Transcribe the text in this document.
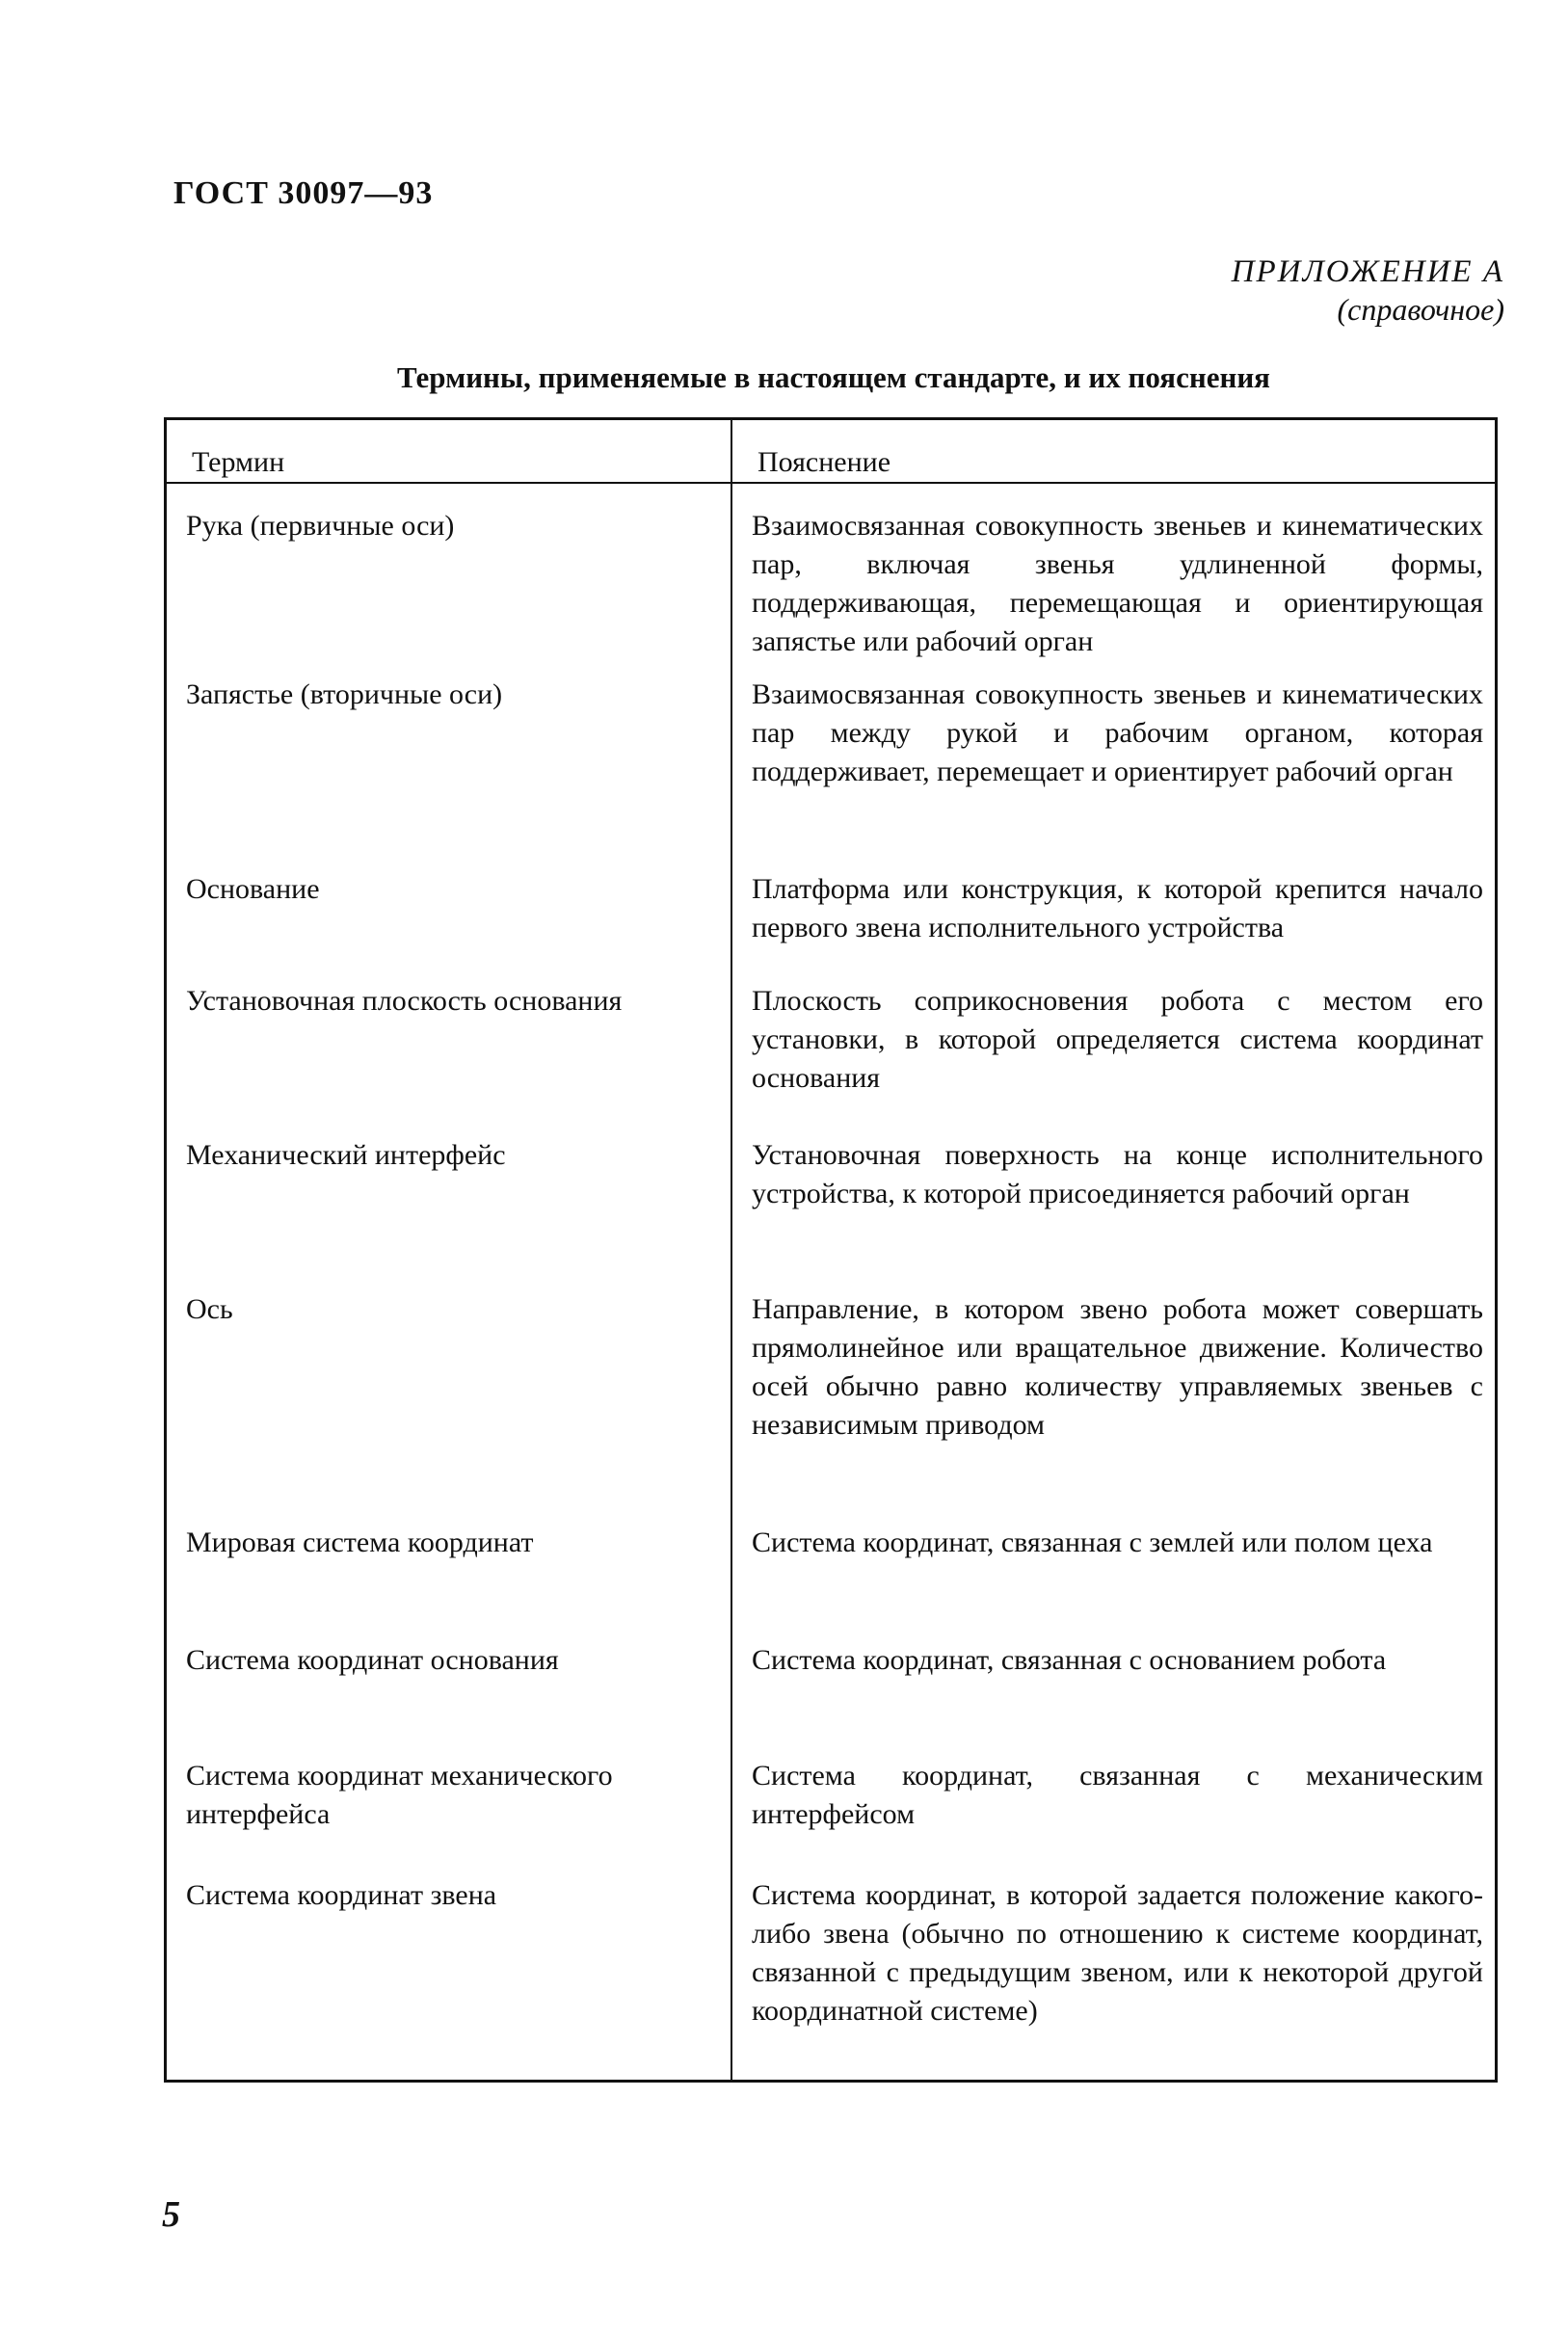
ГОСТ 30097—93
ПРИЛОЖЕНИЕ А
(справочное)
Термины, применяемые в настоящем стандарте, и их пояснения
Термин	Пояснение
Рука (первичные оси)	Взаимосвязанная совокупность звеньев и кинематических пар, включая звенья удлиненной формы, поддерживающая, перемещающая и ориентирующая запястье или рабочий орган
Запястье (вторичные оси)	Взаимосвязанная совокупность звеньев и кинематических пар между рукой и рабочим органом, которая поддерживает, перемещает и ориентирует рабочий орган
Основание	Платформа или конструкция, к которой крепится начало первого звена исполнительного устройства
Установочная плоскость основания	Плоскость соприкосновения робота с местом его установки, в которой определяется система координат основания
Механический интерфейс	Установочная поверхность на конце исполнительного устройства, к которой присоединяется рабочий орган
Ось	Направление, в котором звено робота может совершать прямолинейное или вращательное движение. Количество осей обычно равно количеству управляемых звеньев с независимым приводом
Мировая система координат	Система координат, связанная с землей или полом цеха
Система координат основания	Система координат, связанная с основанием робота
Система координат механического интерфейса	Система координат, связанная с механическим интерфейсом
Система координат звена	Система координат, в которой задается положение какого-либо звена (обычно по отношению к системе координат, связанной с предыдущим звеном, или к некоторой другой координатной системе)
5
